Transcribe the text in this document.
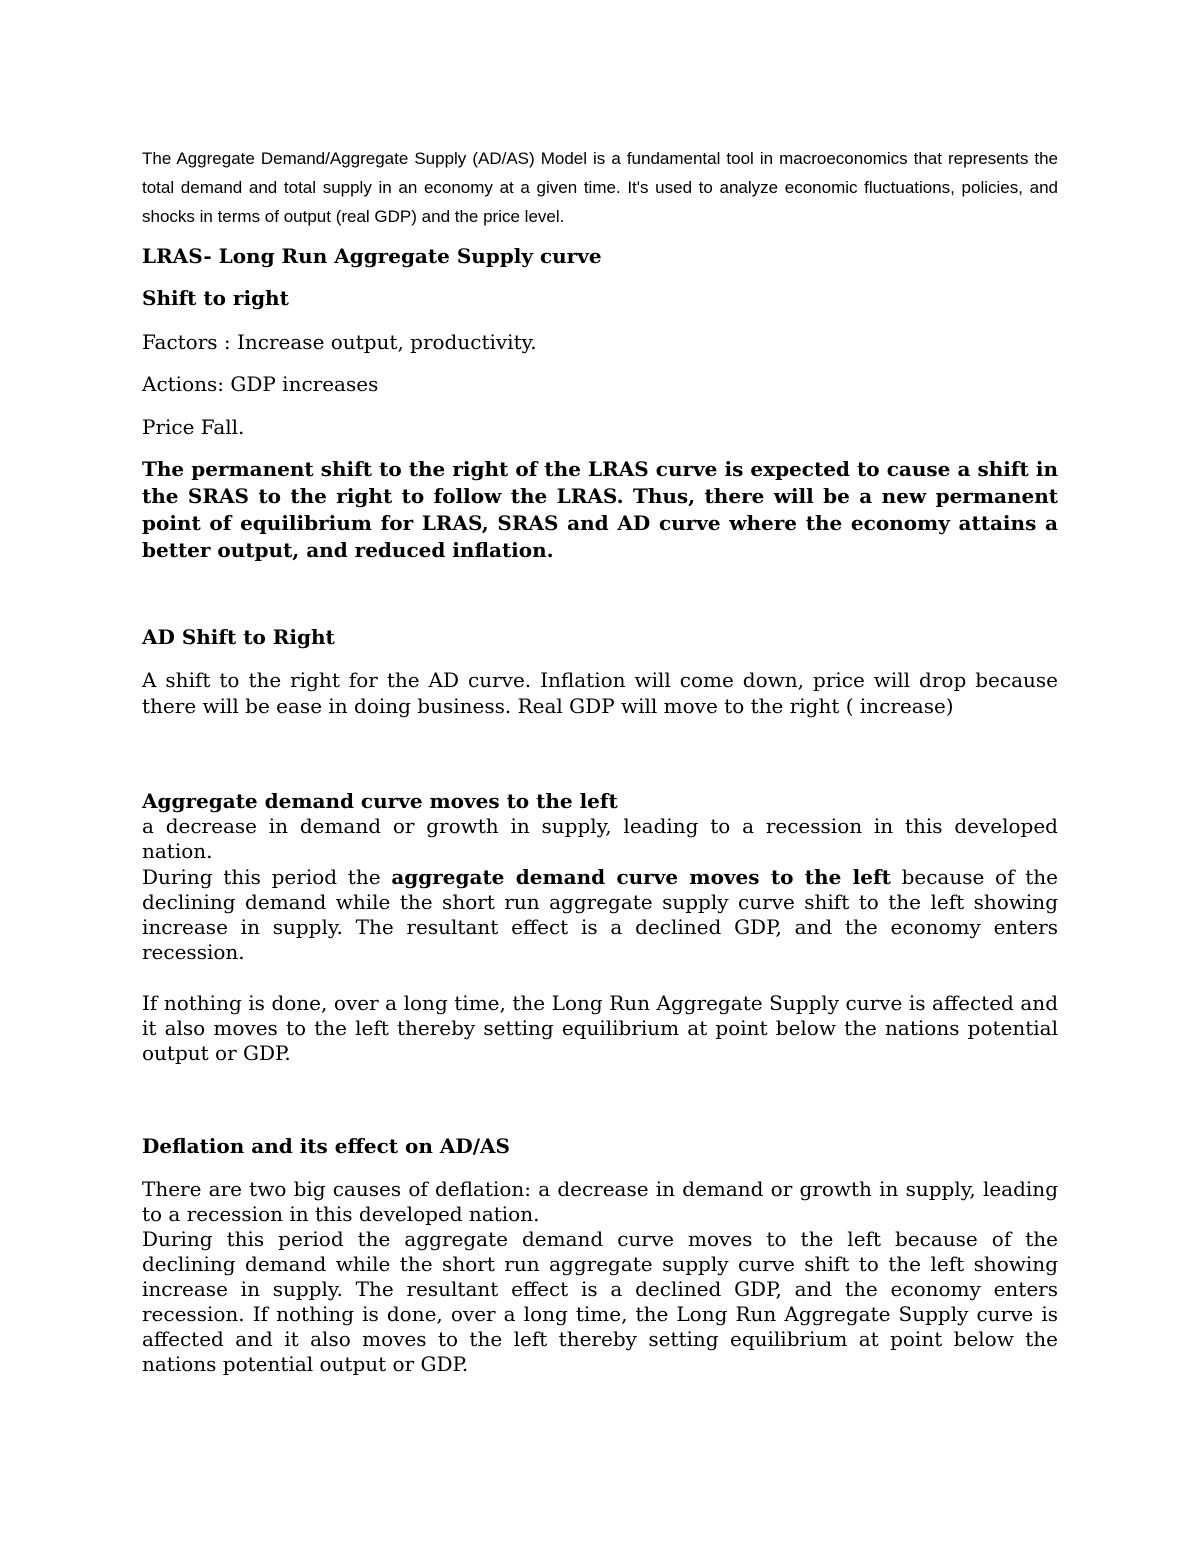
The Aggregate Demand/Aggregate Supply (AD/AS) Model is a fundamental tool in macroeconomics that represents the total demand and total supply in an economy at a given time. It's used to analyze economic fluctuations, policies, and shocks in terms of output (real GDP) and the price level.

LRAS- Long Run Aggregate Supply curve
Shift to right
Factors : Increase output, productivity.
Actions: GDP increases
Price Fall.

The permanent shift to the right of the LRAS curve is expected to cause a shift in the SRAS to the right to follow the LRAS. Thus, there will be a new permanent point of equilibrium for LRAS, SRAS and AD curve where the economy attains a better output, and reduced inflation.

AD Shift to Right

A shift to the right for the AD curve. Inflation will come down, price will drop because there will be ease in doing business. Real GDP will move to the right ( increase)

Aggregate demand curve moves to the left

a decrease in demand or growth in supply, leading to a recession in this developed nation.

During this period the aggregate demand curve moves to the left because of the declining demand while the short run aggregate supply curve shift to the left showing increase in supply. The resultant effect is a declined GDP, and the economy enters recession.

If nothing is done, over a long time, the Long Run Aggregate Supply curve is affected and it also moves to the left thereby setting equilibrium at point below the nations potential output or GDP.

Deflation and its effect on AD/AS

There are two big causes of deflation: a decrease in demand or growth in supply, leading to a recession in this developed nation.

During this period the aggregate demand curve moves to the left because of the declining demand while the short run aggregate supply curve shift to the left showing increase in supply. The resultant effect is a declined GDP, and the economy enters recession. If nothing is done, over a long time, the Long Run Aggregate Supply curve is affected and it also moves to the left thereby setting equilibrium at point below the nations potential output or GDP.
